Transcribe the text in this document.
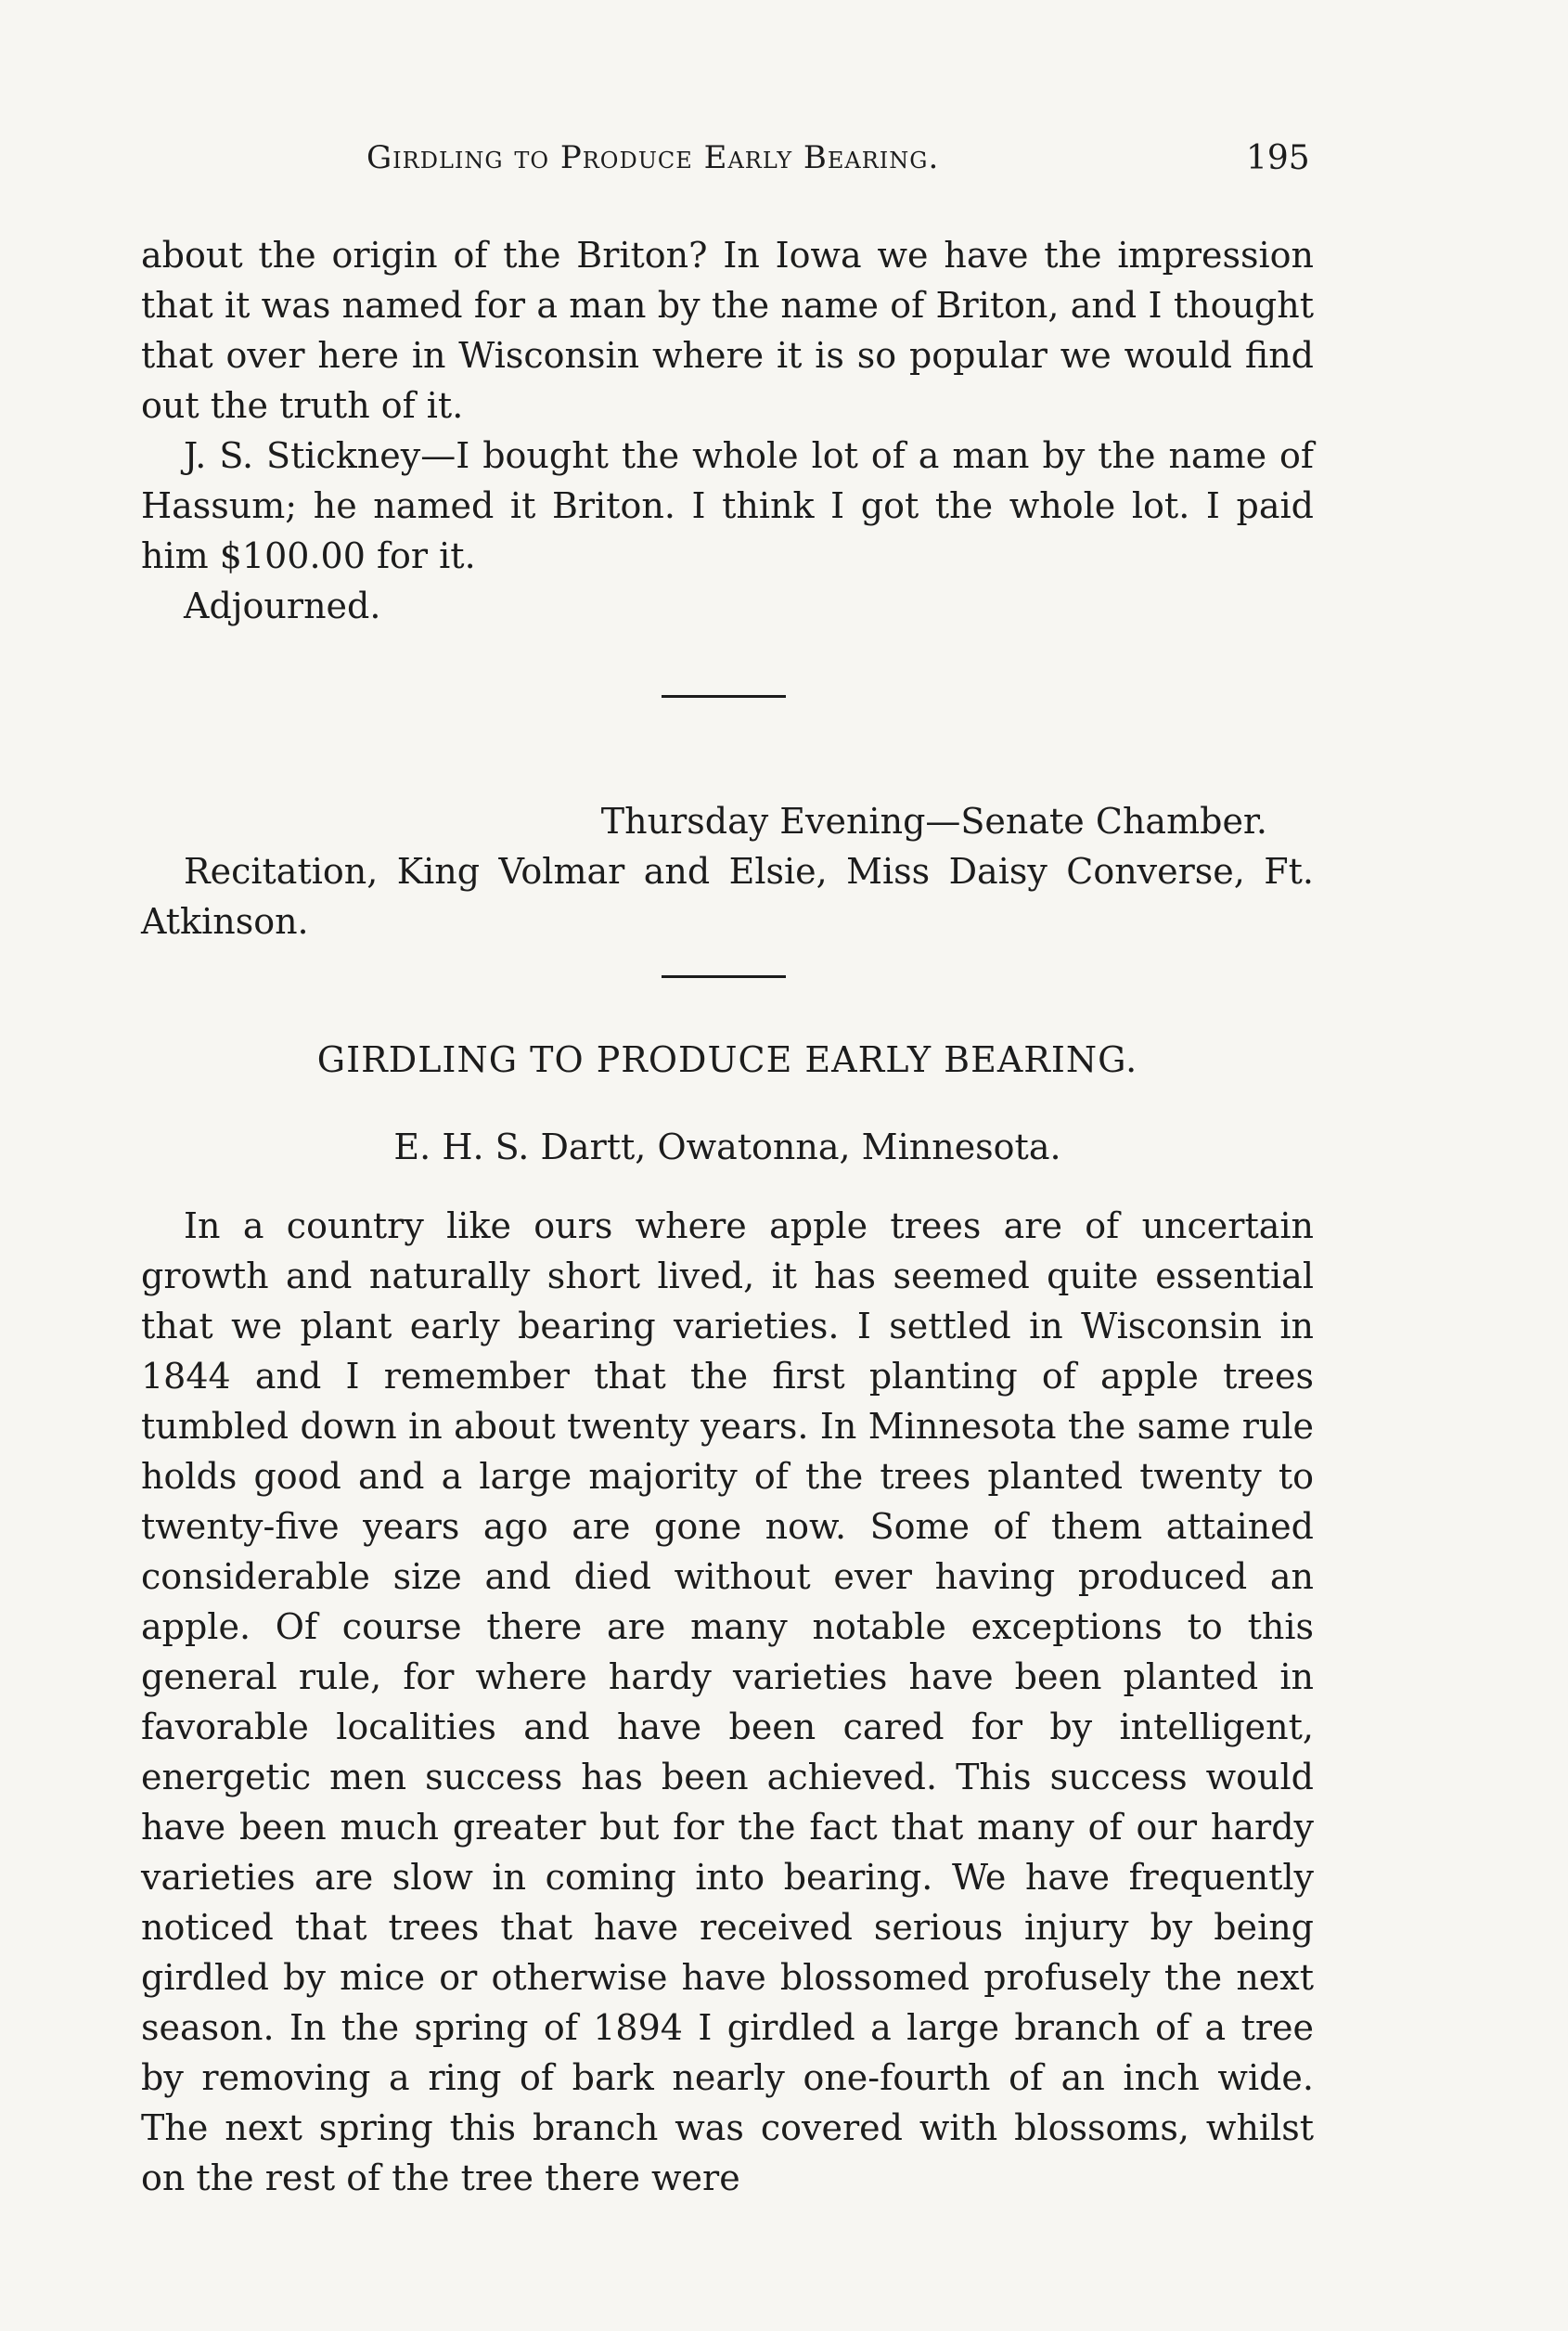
Girdling to Produce Early Bearing.	195

about the origin of the Briton? In Iowa we have the impression that it was named for a man by the name of Briton, and I thought that over here in Wisconsin where it is so popular we would find out the truth of it.

J. S. Stickney—I bought the whole lot of a man by the name of Hassum; he named it Briton. I think I got the whole lot. I paid him $100.00 for it.

Adjourned.

Thursday Evening—Senate Chamber.

Recitation, King Volmar and Elsie, Miss Daisy Converse, Ft. Atkinson.

GIRDLING TO PRODUCE EARLY BEARING.
E. H. S. Dartt, Owatonna, Minnesota.

In a country like ours where apple trees are of uncertain growth and naturally short lived, it has seemed quite essential that we plant early bearing varieties. I settled in Wisconsin in 1844 and I remember that the first planting of apple trees tumbled down in about twenty years. In Minnesota the same rule holds good and a large majority of the trees planted twenty to twenty-five years ago are gone now. Some of them attained considerable size and died without ever having produced an apple. Of course there are many notable exceptions to this general rule, for where hardy varieties have been planted in favorable localities and have been cared for by intelligent, energetic men success has been achieved. This success would have been much greater but for the fact that many of our hardy varieties are slow in coming into bearing. We have frequently noticed that trees that have received serious injury by being girdled by mice or otherwise have blossomed profusely the next season. In the spring of 1894 I girdled a large branch of a tree by removing a ring of bark nearly one-fourth of an inch wide. The next spring this branch was covered with blossoms, whilst on the rest of the tree there were
